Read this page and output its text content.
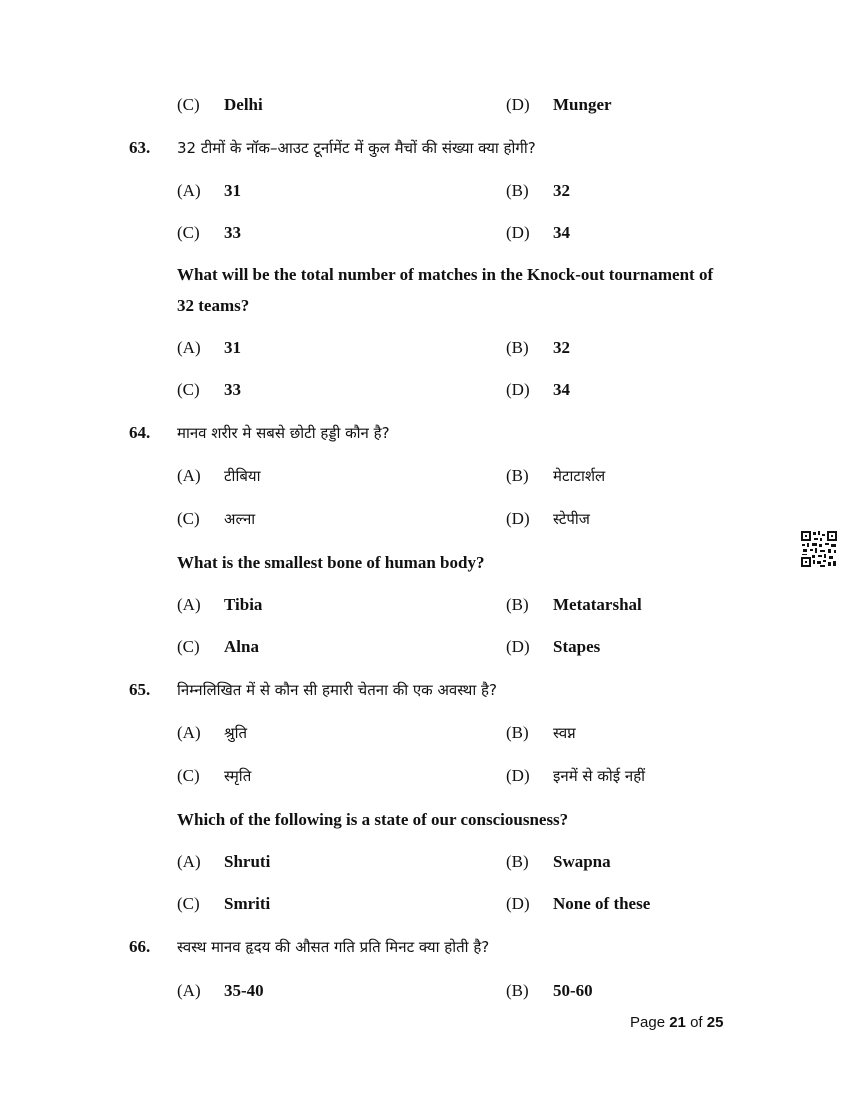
(C) Delhi	(D) Munger
63. 32 टीमों के नॉक–आउट टूर्नामेंट में कुल मैचों की संख्या क्या होगी?
(A) 31	(B) 32
(C) 33	(D) 34
What will be the total number of matches in the Knock-out tournament of
32 teams?
(A) 31	(B) 32
(C) 33	(D) 34
64. मानव शरीर मे सबसे छोटी हड्डी कौन है?
(A) टीबिया	(B) मेटाटार्शल
(C) अल्ना	(D) स्टेपीज
What is the smallest bone of human body?
(A) Tibia	(B) Metatarshal
(C) Alna	(D) Stapes
65. निम्नलिखित में से कौन सी हमारी चेतना की एक अवस्था है?
(A) श्रुति	(B) स्वप्न
(C) स्मृति	(D) इनमें से कोई नहीं
Which of the following is a state of our consciousness?
(A) Shruti	(B) Swapna
(C) Smriti	(D) None of these
66. स्वस्थ मानव हृदय की औसत गति प्रति मिनट क्या होती है?
(A) 35-40	(B) 50-60
Page 21 of 25
